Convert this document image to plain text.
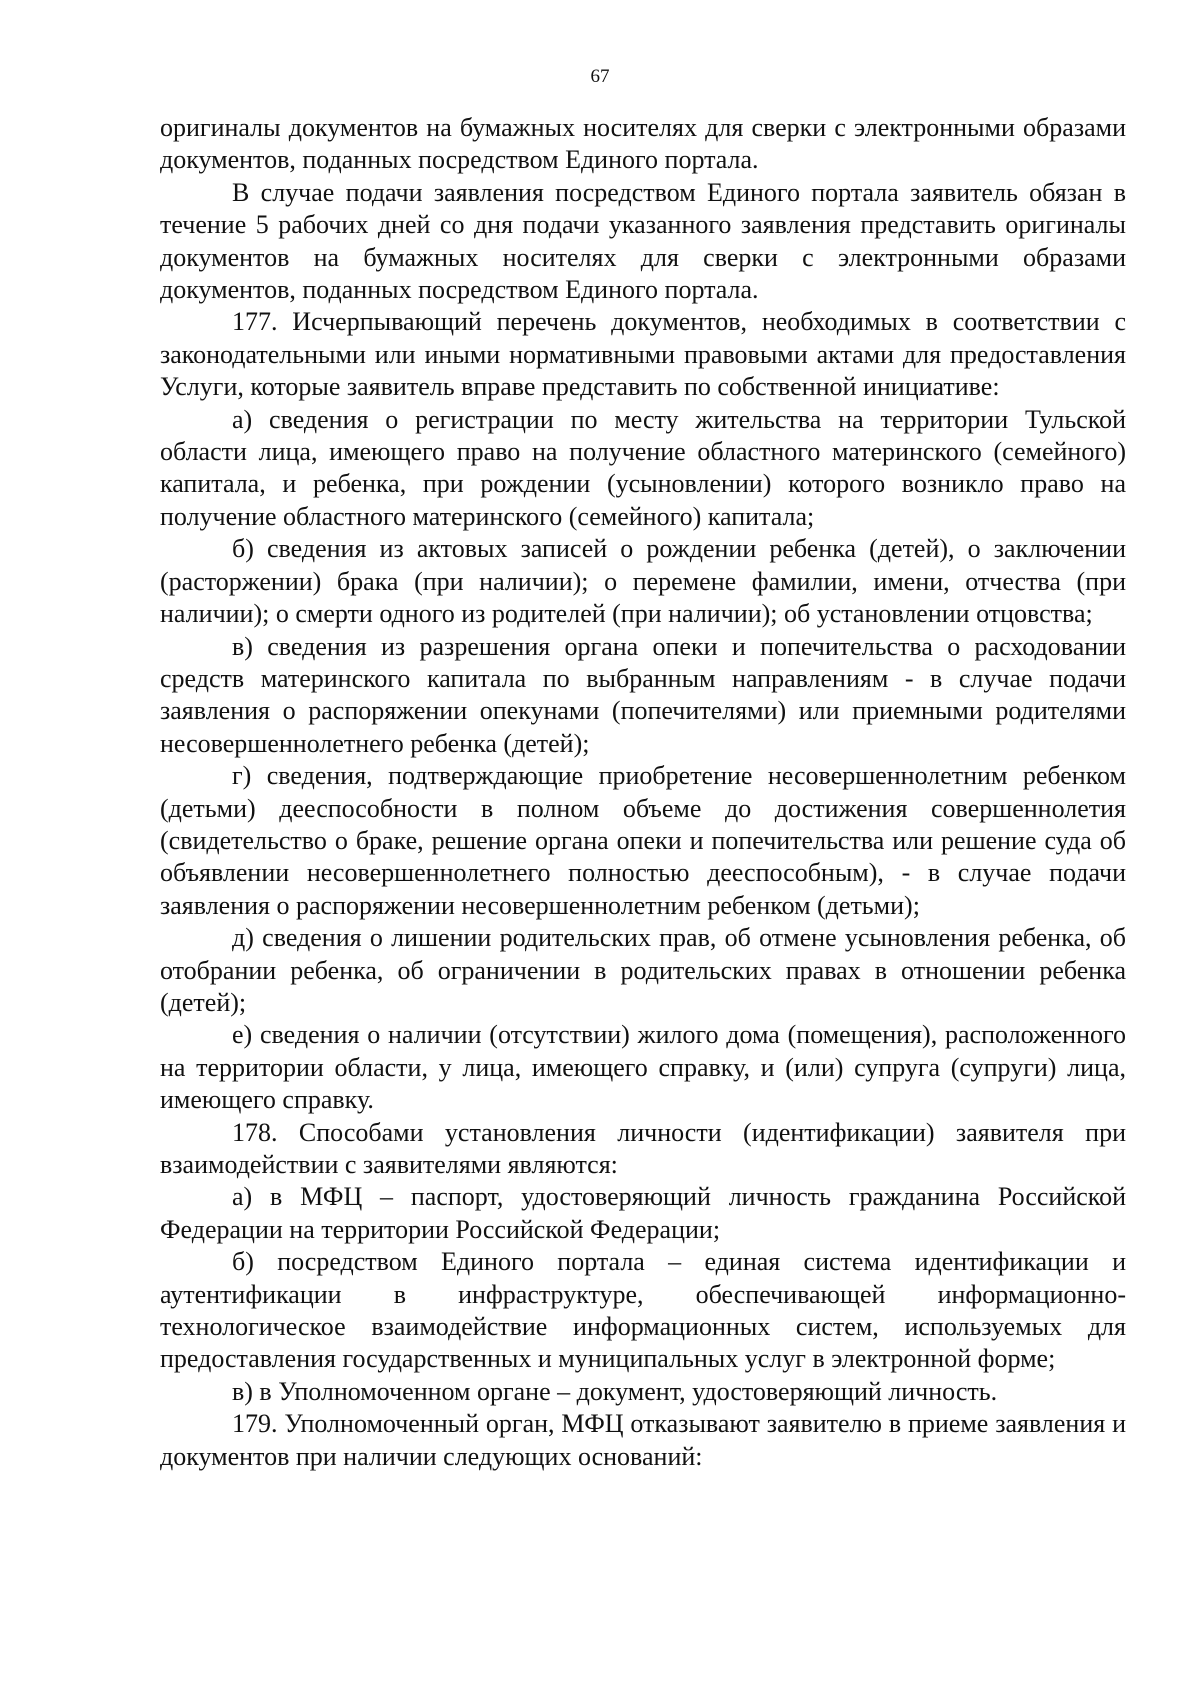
67

оригиналы документов на бумажных носителях для сверки с электронными образами документов, поданных посредством Единого портала.

В случае подачи заявления посредством Единого портала заявитель обязан в течение 5 рабочих дней со дня подачи указанного заявления представить оригиналы документов на бумажных носителях для сверки с электронными образами документов, поданных посредством Единого портала.

177. Исчерпывающий перечень документов, необходимых в соответствии с законодательными или иными нормативными правовыми актами для предоставления Услуги, которые заявитель вправе представить по собственной инициативе:

а) сведения о регистрации по месту жительства на территории Тульской области лица, имеющего право на получение областного материнского (семейного) капитала, и ребенка, при рождении (усыновлении) которого возникло право на получение областного материнского (семейного) капитала;

б) сведения из актовых записей о рождении ребенка (детей), о заключении (расторжении) брака (при наличии); о перемене фамилии, имени, отчества (при наличии); о смерти одного из родителей (при наличии); об установлении отцовства;

в) сведения из разрешения органа опеки и попечительства о расходовании средств материнского капитала по выбранным направлениям - в случае подачи заявления о распоряжении опекунами (попечителями) или приемными родителями несовершеннолетнего ребенка (детей);

г) сведения, подтверждающие приобретение несовершеннолетним ребенком (детьми) дееспособности в полном объеме до достижения совершеннолетия (свидетельство о браке, решение органа опеки и попечительства или решение суда об объявлении несовершеннолетнего полностью дееспособным), - в случае подачи заявления о распоряжении несовершеннолетним ребенком (детьми);

д) сведения о лишении родительских прав, об отмене усыновления ребенка, об отобрании ребенка, об ограничении в родительских правах в отношении ребенка (детей);

е) сведения о наличии (отсутствии) жилого дома (помещения), расположенного на территории области, у лица, имеющего справку, и (или) супруга (супруги) лица, имеющего справку.

178. Способами установления личности (идентификации) заявителя при взаимодействии с заявителями являются:

а) в МФЦ – паспорт, удостоверяющий личность гражданина Российской Федерации на территории Российской Федерации;

б) посредством Единого портала – единая система идентификации и аутентификации в инфраструктуре, обеспечивающей информационно-технологическое взаимодействие информационных систем, используемых для предоставления государственных и муниципальных услуг в электронной форме;

в) в Уполномоченном органе – документ, удостоверяющий личность.

179. Уполномоченный орган, МФЦ отказывают заявителю в приеме заявления и документов при наличии следующих оснований:
